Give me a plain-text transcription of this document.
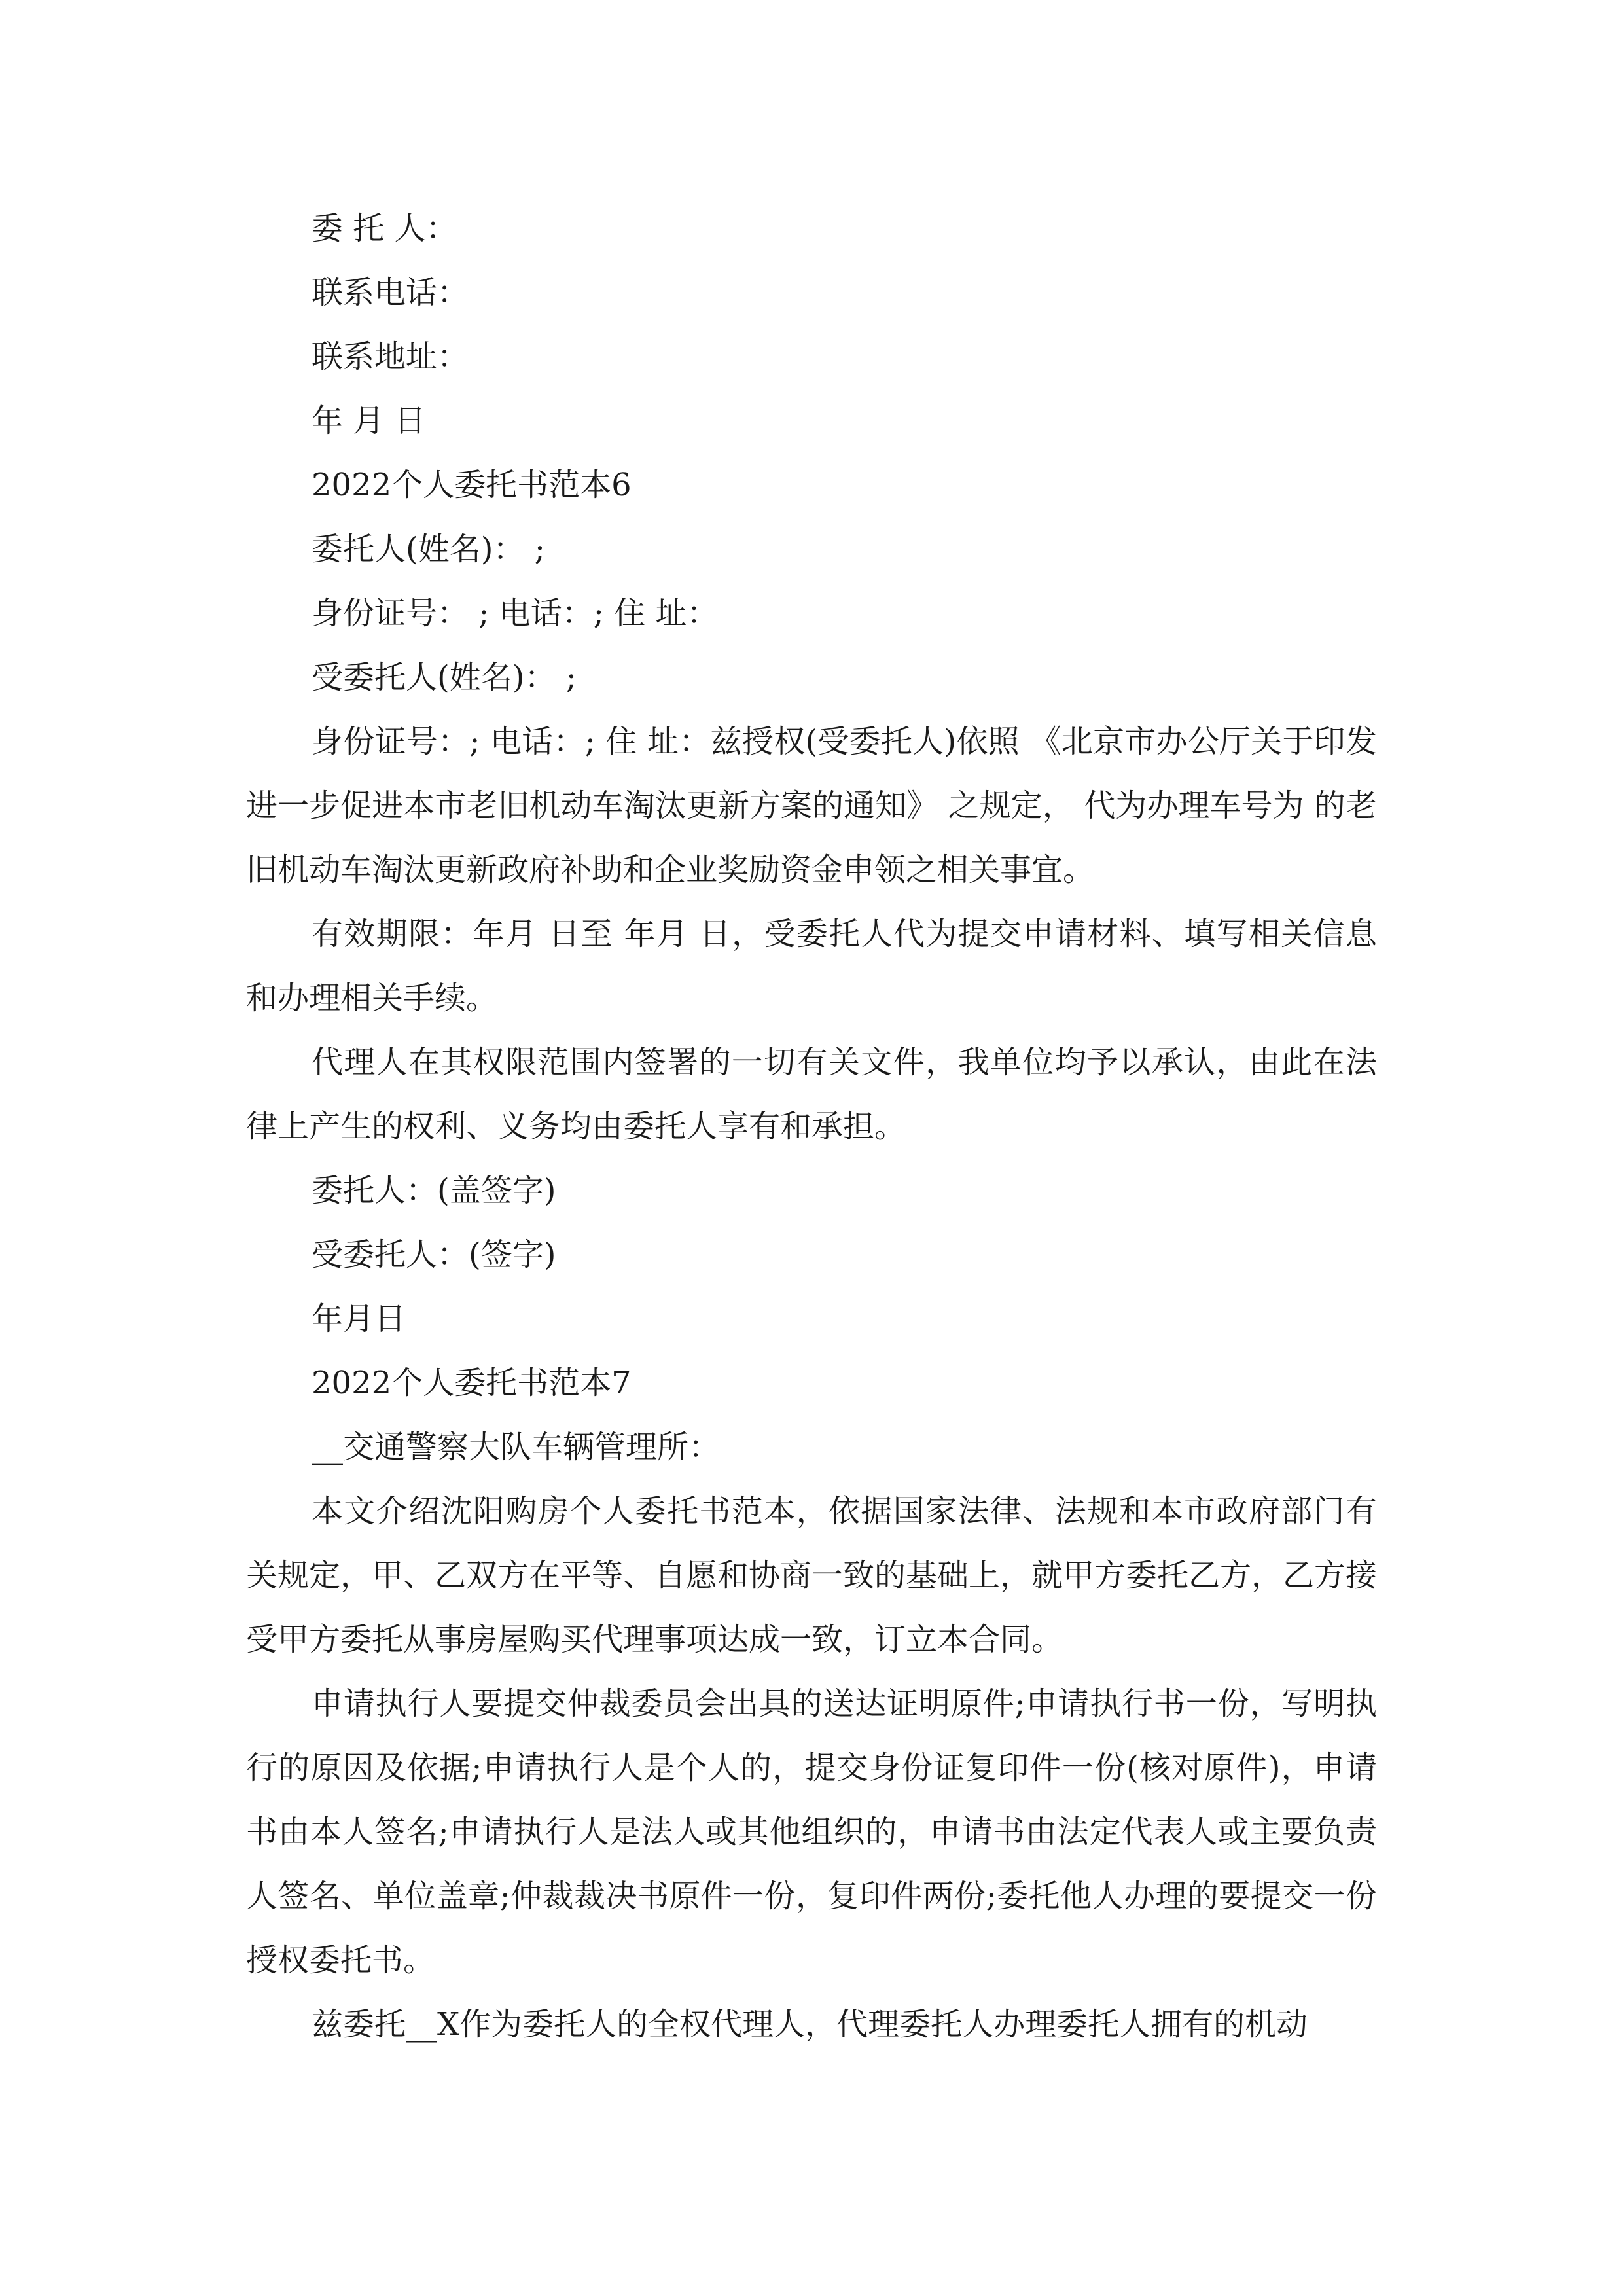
委 托 人：
联系电话：
联系地址：
年 月 日
2022个人委托书范本6
委托人(姓名)： ;
身份证号： ; 电话：; 住 址：
受委托人(姓名)： ;

身份证号：; 电话：; 住 址：兹授权(受委托人)依照 《北京市办公厅关于印发进一步促进本市老旧机动车淘汰更新方案的通知》 之规定， 代为办理车号为 的老旧机动车淘汰更新政府补助和企业奖励资金申领之相关事宜。

有效期限：年月 日至 年月 日，受委托人代为提交申请材料、填写相关信息和办理相关手续。

代理人在其权限范围内签署的一切有关文件，我单位均予以承认，由此在法律上产生的权利、义务均由委托人享有和承担。

委托人：(盖签字)
受委托人：(签字)
年月日
2022个人委托书范本7
__交通警察大队车辆管理所：

本文介绍沈阳购房个人委托书范本，依据国家法律、法规和本市政府部门有关规定，甲、乙双方在平等、自愿和协商一致的基础上，就甲方委托乙方，乙方接受甲方委托从事房屋购买代理事项达成一致，订立本合同。

申请执行人要提交仲裁委员会出具的送达证明原件;申请执行书一份，写明执行的原因及依据;申请执行人是个人的，提交身份证复印件一份(核对原件)，申请书由本人签名;申请执行人是法人或其他组织的，申请书由法定代表人或主要负责人签名、单位盖章;仲裁裁决书原件一份，复印件两份;委托他人办理的要提交一份授权委托书。

兹委托__X作为委托人的全权代理人，代理委托人办理委托人拥有的机动
